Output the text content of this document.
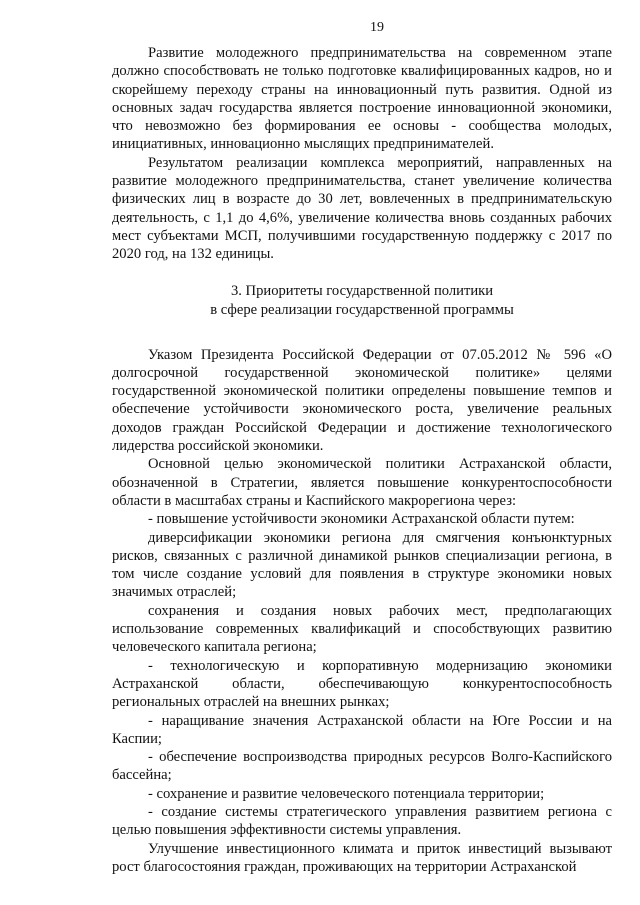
19

Развитие молодежного предпринимательства на современном этапе должно способствовать не только подготовке квалифицированных кадров, но и скорейшему переходу страны на инновационный путь развития. Одной из основных задач государства является построение инновационной экономики, что невозможно без формирования ее основы - сообщества молодых, инициативных, инновационно мыслящих предпринимателей.

Результатом реализации комплекса мероприятий, направленных на развитие молодежного предпринимательства, станет увеличение количества физических лиц в возрасте до 30 лет, вовлеченных в предпринимательскую деятельность, с 1,1 до 4,6%, увеличение количества вновь созданных рабочих мест субъектами МСП, получившими государственную поддержку с 2017 по 2020 год, на 132 единицы.

3. Приоритеты государственной политики
в сфере реализации государственной программы

Указом Президента Российской Федерации от 07.05.2012 № 596 «О долгосрочной государственной экономической политике» целями государственной экономической политики определены повышение темпов и обеспечение устойчивости экономического роста, увеличение реальных доходов граждан Российской Федерации и достижение технологического лидерства российской экономики.

Основной целью экономической политики Астраханской области, обозначенной в Стратегии, является повышение конкурентоспособности области в масштабах страны и Каспийского макрорегиона через:

- повышение устойчивости экономики Астраханской области путем:

диверсификации экономики региона для смягчения конъюнктурных рисков, связанных с различной динамикой рынков специализации региона, в том числе создание условий для появления в структуре экономики новых значимых отраслей;

сохранения и создания новых рабочих мест, предполагающих использование современных квалификаций и способствующих развитию человеческого капитала региона;

- технологическую и корпоративную модернизацию экономики Астраханской области, обеспечивающую конкурентоспособность региональных отраслей на внешних рынках;

- наращивание значения Астраханской области на Юге России и на Каспии;

- обеспечение воспроизводства природных ресурсов Волго-Каспийского бассейна;

- сохранение и развитие человеческого потенциала территории;

- создание системы стратегического управления развитием региона с целью повышения эффективности системы управления.

Улучшение инвестиционного климата и приток инвестиций вызывают рост благосостояния граждан, проживающих на территории Астраханской
